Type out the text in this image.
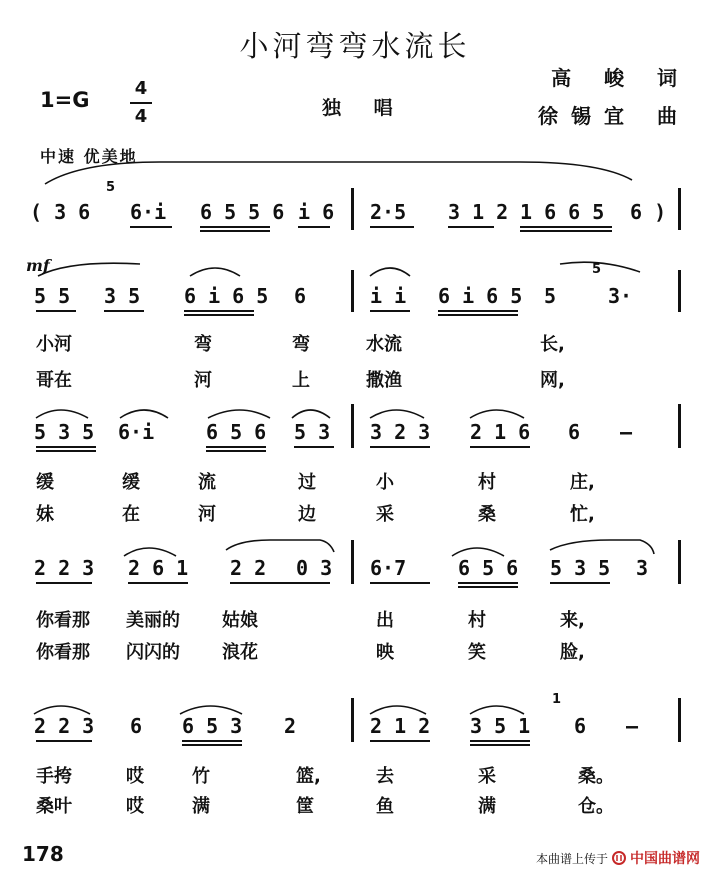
小河弯弯水流长
高 峻 词
徐锡宜 曲
1=G	4
4	独 唱
中速 优美地
mf
( 3 6 6·i 6 5 5 6 i 6 2·5 3 1 2 1 6 6 5 6 )
5
5 5 3 5 6 i 6 5 6	i i 6 i 6 5 5	3·
5
小河	弯	弯	水流	长,
哥在	河	上	撒渔	网,
5 3 5 6·i	6 5 6 5 3 3 2 3 2 1 6 6 —
缓	缓	流	过	小	村	庄,
妹	在	河	边	采	桑	忙,
2 2 3 2 6 1 2 2 0 3 6·7	6 5 6 5 3 5 3
你看那 美丽的 姑娘	出	村	来,
你看那 闪闪的 浪花	映	笑	脸,
2 2 3 6 6 5 3 2	2 1 2 3 5 1 6 —
1
手挎	哎	竹	篮,	去	采	桑。
桑叶	哎	满	筐	鱼	满	仓。
178	本曲谱上传于 中国曲谱网
